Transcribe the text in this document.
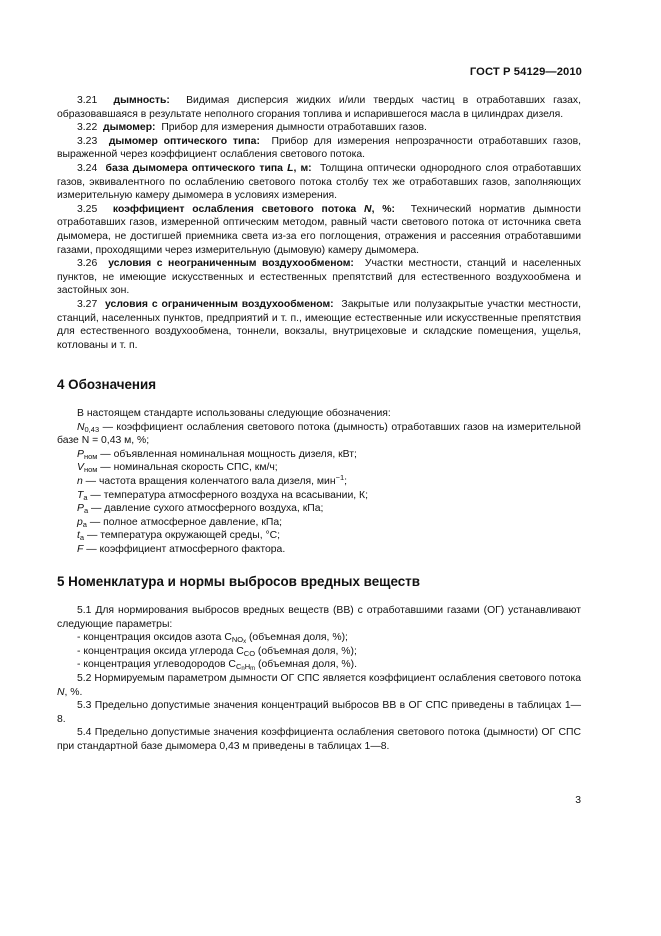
ГОСТ Р 54129—2010

3.21 дымность: Видимая дисперсия жидких и/или твердых частиц в отработавших газах, образовавшаяся в результате неполного сгорания топлива и испарившегося масла в цилиндрах дизеля.

3.22 дымомер: Прибор для измерения дымности отработавших газов.

3.23 дымомер оптического типа: Прибор для измерения непрозрачности отработавших газов, выраженной через коэффициент ослабления светового потока.

3.24 база дымомера оптического типа L, м: Толщина оптически однородного слоя отработавших газов, эквивалентного по ослаблению светового потока столбу тех же отработавших газов, заполняющих измерительную камеру дымомера в условиях измерения.

3.25 коэффициент ослабления светового потока N, %: Технический норматив дымности отработавших газов, измеренной оптическим методом, равный части светового потока от источника света дымомера, не достигшей приемника света из-за его поглощения, отражения и рассеяния отработавшими газами, проходящими через измерительную (дымовую) камеру дымомера.

3.26 условия с неограниченным воздухообменом: Участки местности, станций и населенных пунктов, не имеющие искусственных и естественных препятствий для естественного воздухообмена и застойных зон.

3.27 условия с ограниченным воздухообменом: Закрытые или полузакрытые участки местности, станций, населенных пунктов, предприятий и т. п., имеющие естественные или искусственные препятствия для естественного воздухообмена, тоннели, вокзалы, внутрицеховые и складские помещения, ущелья, котлованы и т. п.

4 Обозначения

В настоящем стандарте использованы следующие обозначения:

$N_{0,43}$ — коэффициент ослабления светового потока (дымность) отработавших газов на измерительной базе N = 0,43 м, %;

$P_{ном}$ — объявленная номинальная мощность дизеля, кВт;

$V_{ном}$ — номинальная скорость СПС, км/ч;

n — частота вращения коленчатого вала дизеля, мин$^{-1}$;

$T_a$ — температура атмосферного воздуха на всасывании, К;

$P_a$ — давление сухого атмосферного воздуха, кПа;

$p_a$ — полное атмосферное давление, кПа;

$t_a$ — температура окружающей среды, °С;

F — коэффициент атмосферного фактора.

5 Номенклатура и нормы выбросов вредных веществ

5.1 Для нормирования выбросов вредных веществ (ВВ) с отработавшими газами (ОГ) устанавливают следующие параметры:

- концентрация оксидов азота $C_{NO_x}$ (объемная доля, %);

- концентрация оксида углерода $C_{CO}$ (объемная доля, %);

- концентрация углеводородов $C_{C_nH_m}$ (объемная доля, %).

5.2 Нормируемым параметром дымности ОГ СПС является коэффициент ослабления светового потока N, %.

5.3 Предельно допустимые значения концентраций выбросов ВВ в ОГ СПС приведены в таблицах 1—8.

5.4 Предельно допустимые значения коэффициента ослабления светового потока (дымности) ОГ СПС при стандартной базе дымомера 0,43 м приведены в таблицах 1—8.

3
